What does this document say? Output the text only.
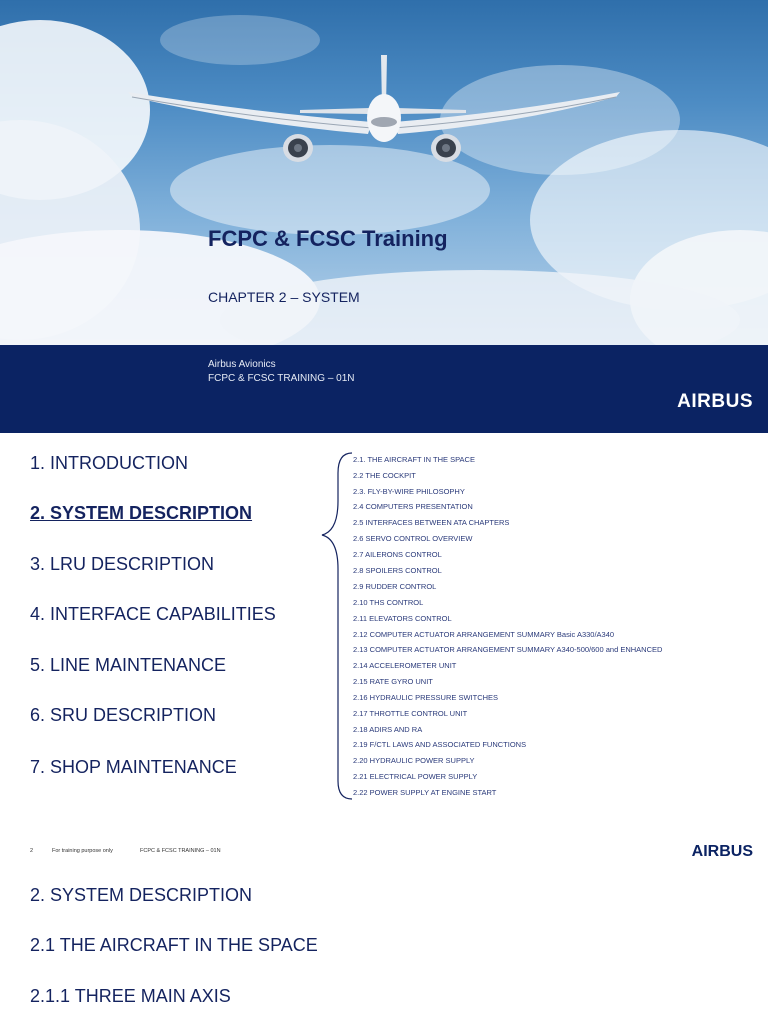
FCPC & FCSC Training
CHAPTER 2 – SYSTEM
Airbus Avionics
FCPC & FCSC TRAINING – 01N
AIRBUS
1. INTRODUCTION
2. SYSTEM DESCRIPTION
3. LRU DESCRIPTION
4. INTERFACE CAPABILITIES
5. LINE MAINTENANCE
6. SRU DESCRIPTION
7. SHOP MAINTENANCE
2.1. THE AIRCRAFT IN THE SPACE
2.2 THE COCKPIT
2.3. FLY-BY-WIRE PHILOSOPHY
2.4 COMPUTERS PRESENTATION
2.5 INTERFACES BETWEEN ATA CHAPTERS
2.6 SERVO CONTROL OVERVIEW
2.7 AILERONS CONTROL
2.8 SPOILERS CONTROL
2.9 RUDDER CONTROL
2.10 THS CONTROL
2.11 ELEVATORS CONTROL
2.12 COMPUTER ACTUATOR ARRANGEMENT SUMMARY Basic A330/A340
2.13 COMPUTER ACTUATOR ARRANGEMENT SUMMARY A340-500/600 and ENHANCED
2.14 ACCELEROMETER UNIT
2.15 RATE GYRO UNIT
2.16 HYDRAULIC PRESSURE SWITCHES
2.17 THROTTLE CONTROL UNIT
2.18 ADIRS AND RA
2.19 F/CTL LAWS AND ASSOCIATED FUNCTIONS
2.20 HYDRAULIC POWER SUPPLY
2.21 ELECTRICAL POWER SUPPLY
2.22 POWER SUPPLY AT ENGINE START
2	For training purpose only	FCPC & FCSC TRAINING – 01N	AIRBUS
2. SYSTEM DESCRIPTION
2.1 THE AIRCRAFT IN THE SPACE
2.1.1 THREE MAIN AXIS
